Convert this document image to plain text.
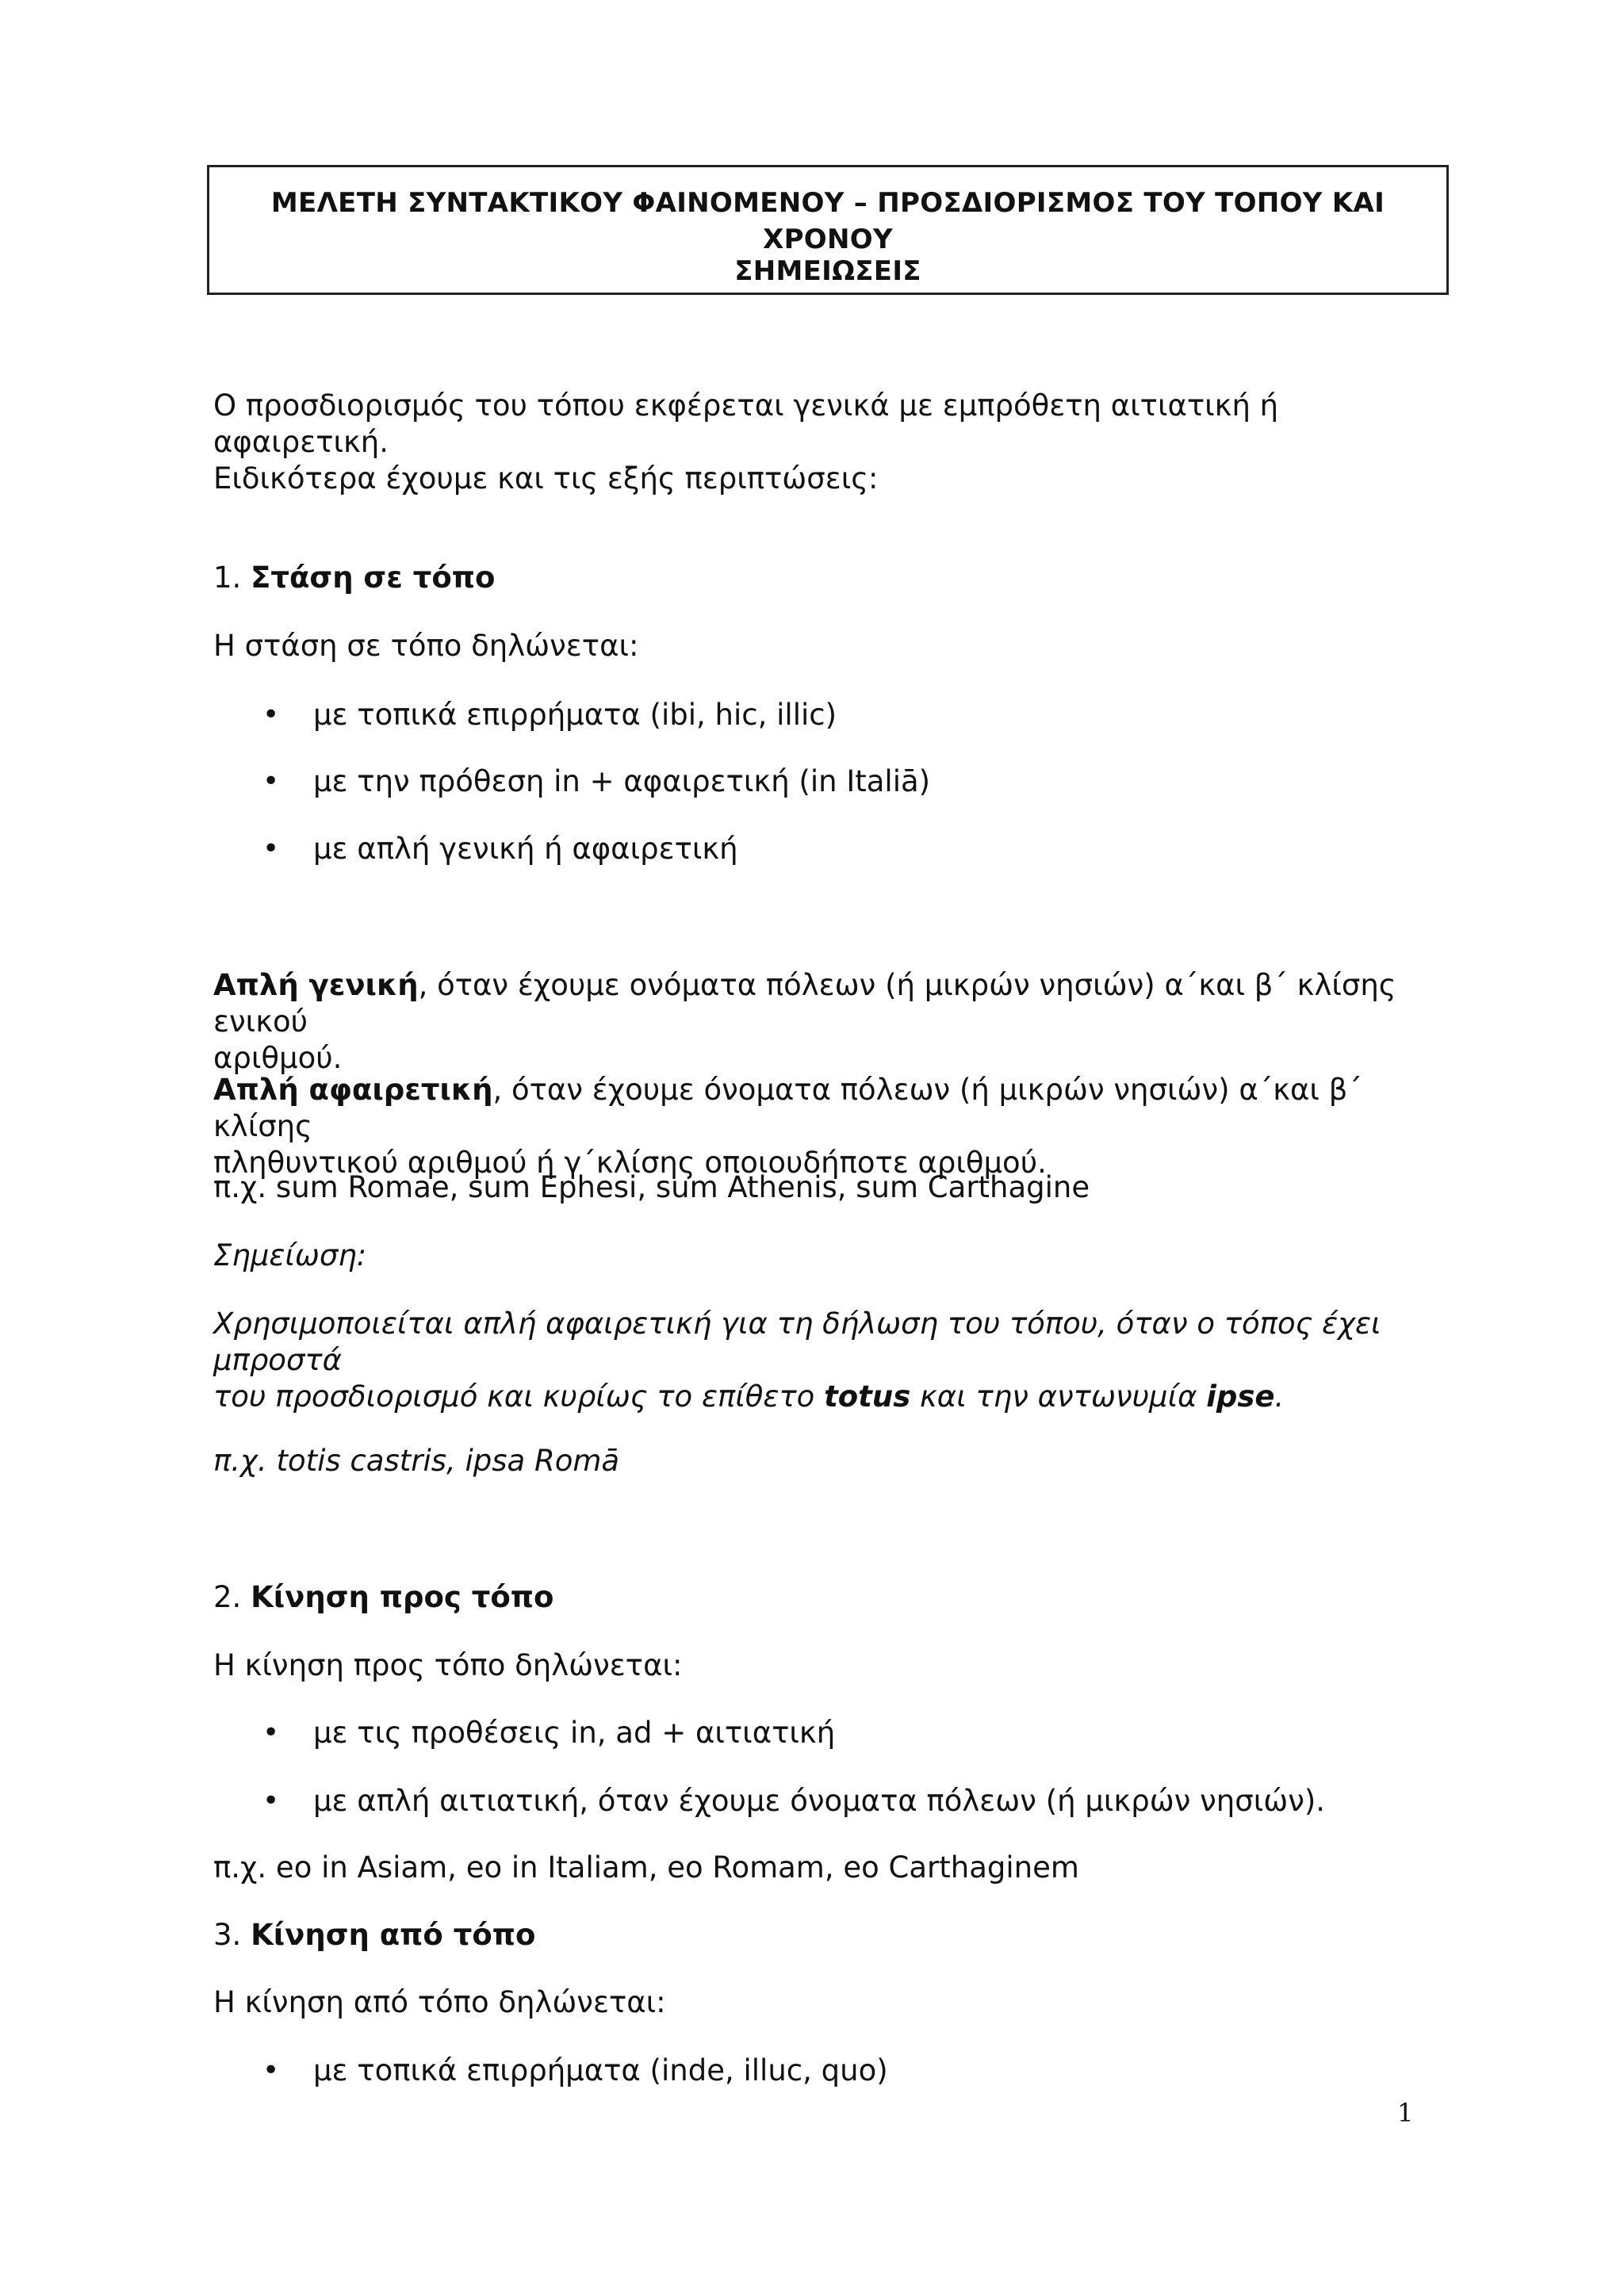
ΜΕΛΕΤΗ ΣΥΝΤΑΚΤΙΚΟΥ ΦΑΙΝΟΜΕΝΟΥ – ΠΡΟΣΔΙΟΡΙΣΜΟΣ ΤΟΥ ΤΟΠΟΥ ΚΑΙ ΧΡΟΝΟΥ
ΣΗΜΕΙΩΣΕΙΣ
Ο προσδιορισμός του τόπου εκφέρεται γενικά με εμπρόθετη αιτιατική ή αφαιρετική.
Ειδικότερα έχουμε και τις εξής περιπτώσεις:
1. Στάση σε τόπο
Η στάση σε τόπο δηλώνεται:
• με τοπικά επιρρήματα (ibi, hic, illic)
• με την πρόθεση in + αφαιρετική (in Italiā)
• με απλή γενική ή αφαιρετική
Απλή γενική, όταν έχουμε ονόματα πόλεων (ή μικρών νησιών) α΄και β΄ κλίσης ενικού
αριθμού.
Απλή αφαιρετική, όταν έχουμε όνοματα πόλεων (ή μικρών νησιών) α΄και β΄ κλίσης
πληθυντικού αριθμού ή γ΄κλίσης οποιουδήποτε αριθμού.
π.χ. sum Romae, sum Ephesi, sum Athenis, sum Carthagine
Σημείωση:
Χρησιμοποιείται απλή αφαιρετική για τη δήλωση του τόπου, όταν ο τόπος έχει μπροστά
του προσδιορισμό και κυρίως το επίθετο totus και την αντωνυμία ipse.
π.χ. totis castris, ipsa Romā
2. Κίνηση προς τόπο
Η κίνηση προς τόπο δηλώνεται:
• με τις προθέσεις in, ad + αιτιατική
• με απλή αιτιατική, όταν έχουμε όνοματα πόλεων (ή μικρών νησιών).
π.χ. eo in Asiam, eo in Italiam, eo Romam, eo Carthaginem
3. Κίνηση από τόπο
Η κίνηση από τόπο δηλώνεται:
• με τοπικά επιρρήματα (inde, illuc, quo)
1
